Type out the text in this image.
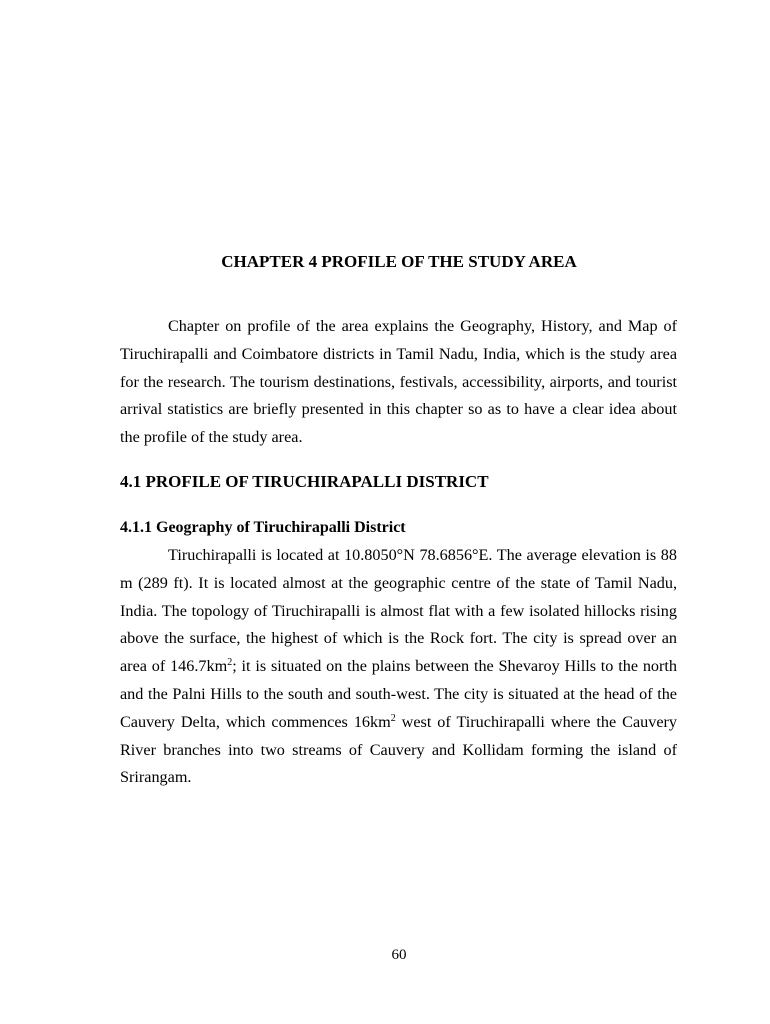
CHAPTER 4 PROFILE OF THE STUDY AREA

Chapter on profile of the area explains the Geography, History, and Map of Tiruchirapalli and Coimbatore districts in Tamil Nadu, India, which is the study area for the research. The tourism destinations, festivals, accessibility, airports, and tourist arrival statistics are briefly presented in this chapter so as to have a clear idea about the profile of the study area.

4.1 PROFILE OF TIRUCHIRAPALLI DISTRICT
4.1.1 Geography of Tiruchirapalli District

Tiruchirapalli is located at 10.8050°N 78.6856°E. The average elevation is 88 m (289 ft). It is located almost at the geographic centre of the state of Tamil Nadu, India. The topology of Tiruchirapalli is almost flat with a few isolated hillocks rising above the surface, the highest of which is the Rock fort. The city is spread over an area of $146.7km^2$; it is situated on the plains between the Shevaroy Hills to the north and the Palni Hills to the south and south-west. The city is situated at the head of the Cauvery Delta, which commences $16km^2$ west of Tiruchirapalli where the Cauvery River branches into two streams of Cauvery and Kollidam forming the island of Srirangam.

60
